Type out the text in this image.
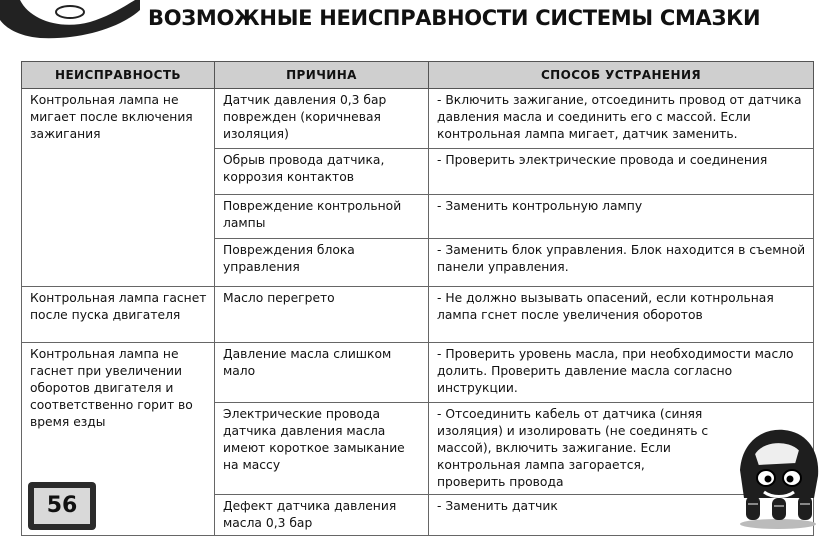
ВОЗМОЖНЫЕ НЕИСПРАВНОСТИ СИСТЕМЫ СМАЗКИ
НЕИСПРАВНОСТЬ	ПРИЧИНА	СПОСОБ УСТРАНЕНИЯ
Контрольная лампа не мигает после включения зажигания	Датчик давления 0,3 бар поврежден (коричневая изоляция)	- Включить зажигание, отсоединить провод от датчика давления масла и соединить его с массой. Если контрольная лампа мигает, датчик заменить.
	Обрыв провода датчика, коррозия контактов	- Проверить электрические провода и соединения
	Повреждение контрольной лампы	- Заменить контрольную лампу
	Повреждения блока управления	- Заменить блок управления. Блок находится в съемной панели управления.
Контрольная лампа гаснет после пуска двигателя	Масло перегрето	- Не должно вызывать опасений, если котнрольная лампа гснет после увеличения оборотов
Контрольная лампа не гаснет при увеличении оборотов двигателя и соответственно горит во время езды	Давление масла слишком мало	- Проверить уровень масла, при необходимости масло долить. Проверить давление масла согласно инструкции.
	Электрические провода датчика давления масла имеют короткое замыкание на массу	- Отсоединить кабель от датчика (синяя изоляция) и изолировать (не соединять с массой), включить зажигание. Если контрольная лампа загорается, проверить провода
	Дефект датчика давления масла 0,3 бар	- Заменить датчик
56
